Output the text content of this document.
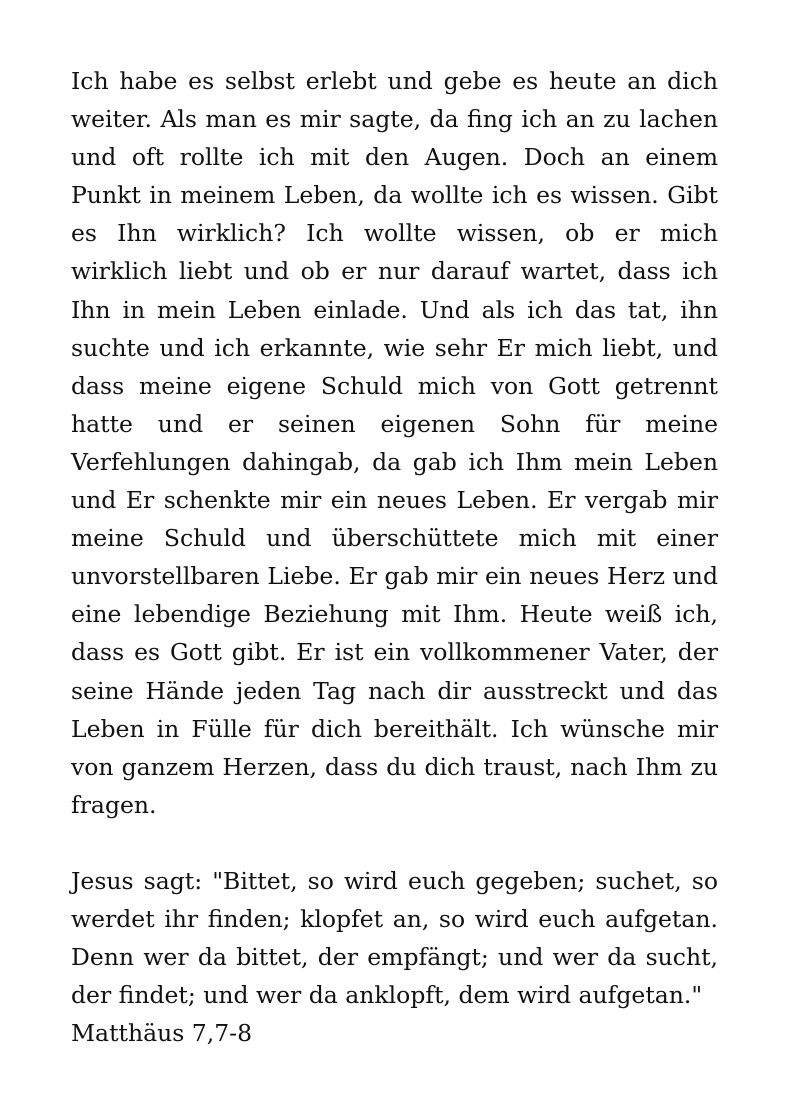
Ich habe es selbst erlebt und gebe es heute an dich weiter. Als man es mir sagte, da fing ich an zu lachen und oft rollte ich mit den Augen. Doch an einem Punkt in meinem Leben, da wollte ich es wissen. Gibt es Ihn wirklich? Ich wollte wissen, ob er mich wirklich liebt und ob er nur darauf wartet, dass ich Ihn in mein Leben einlade. Und als ich das tat, ihn suchte und ich erkannte, wie sehr Er mich liebt, und dass meine eigene Schuld mich von Gott getrennt hatte und er seinen eigenen Sohn für meine Verfehlungen dahingab, da gab ich Ihm mein Leben und Er schenkte mir ein neues Leben. Er vergab mir meine Schuld und überschüttete mich mit einer unvorstellbaren Liebe. Er gab mir ein neues Herz und eine lebendige Beziehung mit Ihm. Heute weiß ich, dass es Gott gibt. Er ist ein vollkommener Vater, der seine Hände jeden Tag nach dir ausstreckt und das Leben in Fülle für dich bereithält. Ich wünsche mir von ganzem Herzen, dass du dich traust, nach Ihm zu fragen.

Jesus sagt: "Bittet, so wird euch gegeben; suchet, so werdet ihr finden; klopfet an, so wird euch aufgetan. Denn wer da bittet, der empfängt; und wer da sucht, der findet; und wer da anklopft, dem wird aufgetan."

Matthäus 7,7-8
